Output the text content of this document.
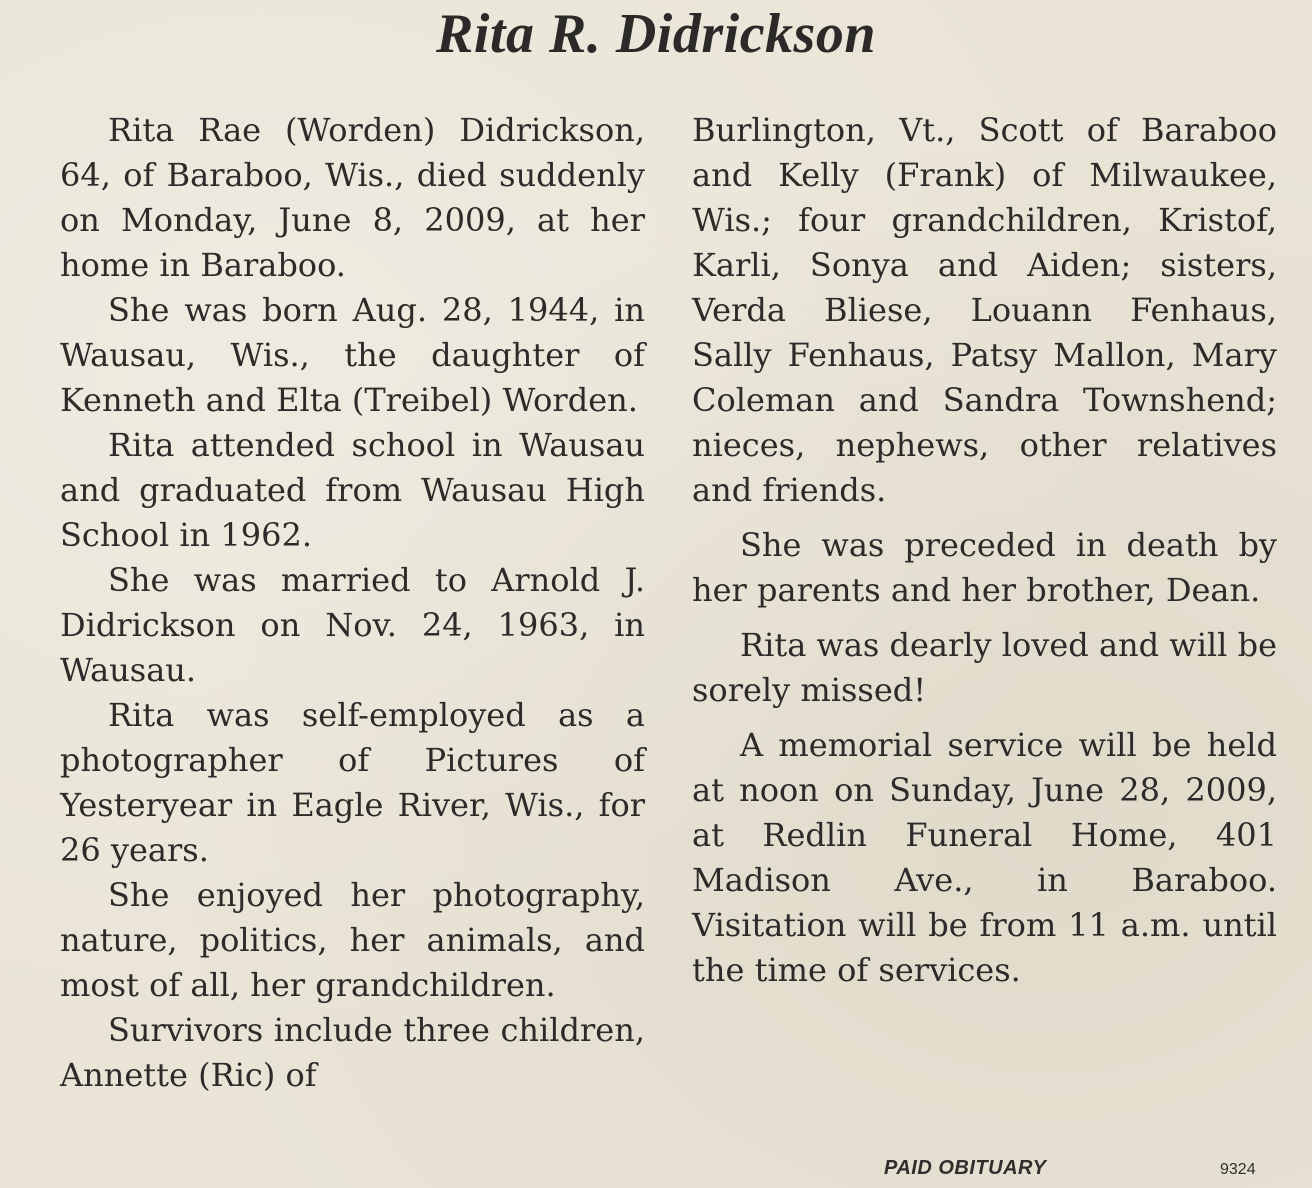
Rita R. Didrickson

Rita Rae (Worden) Didrickson, 64, of Baraboo, Wis., died suddenly on Monday, June 8, 2009, at her home in Baraboo.

She was born Aug. 28, 1944, in Wausau, Wis., the daughter of Kenneth and Elta (Treibel) Worden.

Rita attended school in Wausau and graduated from Wausau High School in 1962.

She was married to Arnold J. Didrickson on Nov. 24, 1963, in Wausau.

Rita was self-employed as a photographer of Pictures of Yesteryear in Eagle River, Wis., for 26 years.

She enjoyed her photography, nature, politics, her animals, and most of all, her grandchildren.

Survivors include three children, Annette (Ric) of

Burlington, Vt., Scott of Baraboo and Kelly (Frank) of Milwaukee, Wis.; four grandchildren, Kristof, Karli, Sonya and Aiden; sisters, Verda Bliese, Louann Fenhaus, Sally Fenhaus, Patsy Mallon, Mary Coleman and Sandra Townshend; nieces, nephews, other relatives and friends.

She was preceded in death by her parents and her brother, Dean.

Rita was dearly loved and will be sorely missed!

A memorial service will be held at noon on Sunday, June 28, 2009, at Redlin Funeral Home, 401 Madison Ave., in Baraboo. Visitation will be from 11 a.m. until the time of services.

PAID OBITUARY	9324
